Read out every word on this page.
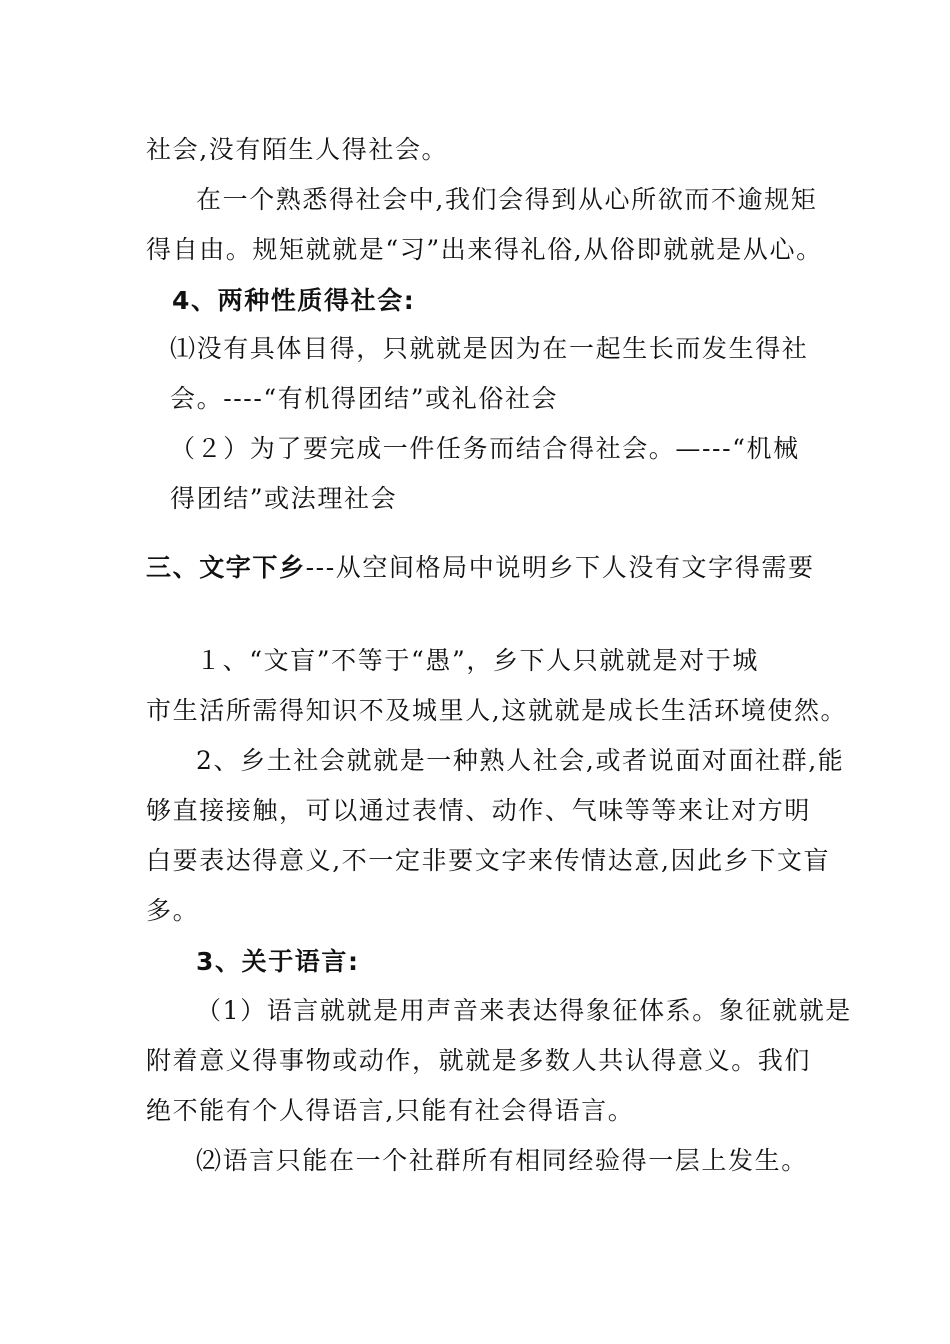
社会,没有陌生人得社会。
在一个熟悉得社会中,我们会得到从心所欲而不逾规矩
得自由。规矩就就是“习”出来得礼俗,从俗即就就是从心。
4、两种性质得社会:
⑴没有具体目得，只就就是因为在一起生长而发生得社
会。----“有机得团结”或礼俗社会
（２）为了要完成一件任务而结合得社会。—---“机械
得团结”或法理社会
三、文字下乡---从空间格局中说明乡下人没有文字得需要
１、“文盲”不等于“愚”，乡下人只就就是对于城
市生活所需得知识不及城里人,这就就是成长生活环境使然。
2、乡土社会就就是一种熟人社会,或者说面对面社群,能
够直接接触，可以通过表情、动作、气味等等来让对方明
白要表达得意义,不一定非要文字来传情达意,因此乡下文盲
多。
3、关于语言:
（1）语言就就是用声音来表达得象征体系。象征就就是
附着意义得事物或动作，就就是多数人共认得意义。我们
绝不能有个人得语言,只能有社会得语言。
⑵语言只能在一个社群所有相同经验得一层上发生。
